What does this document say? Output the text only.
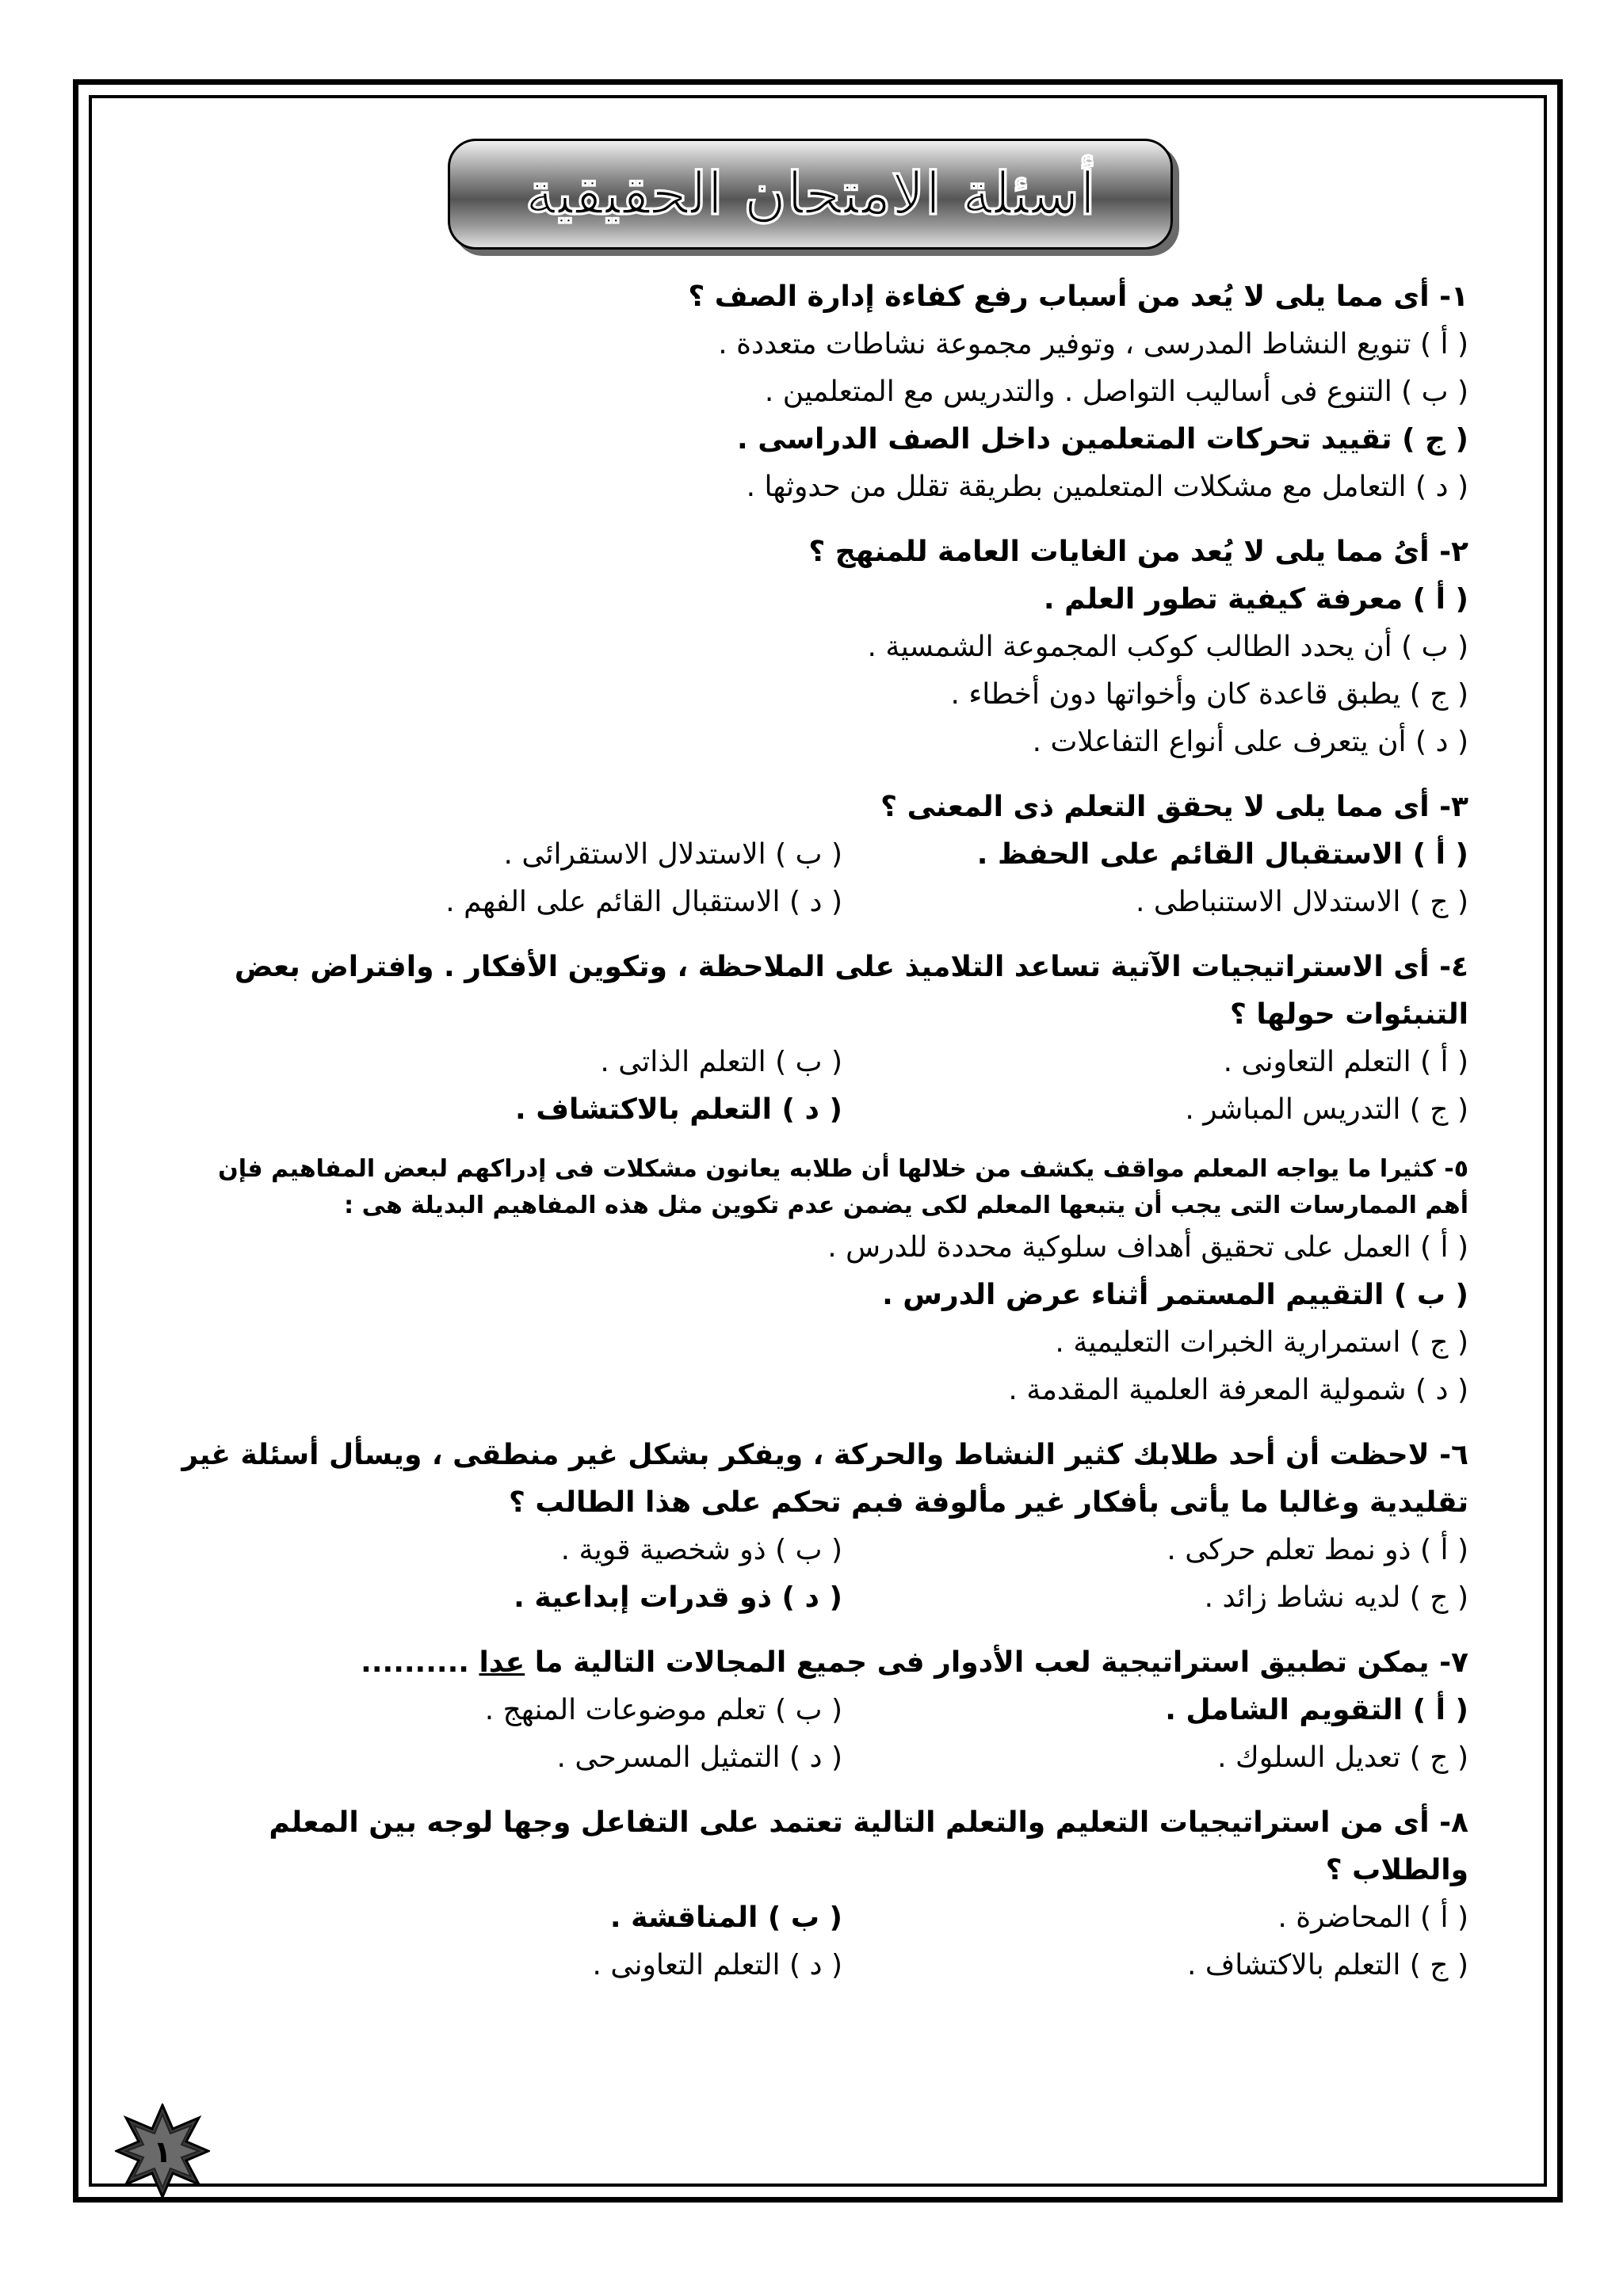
أسئلة الامتحان الحقيقية
١- أى مما يلى لا يُعد من أسباب رفع كفاءة إدارة الصف ؟
( أ ) تنويع النشاط المدرسى ، وتوفير مجموعة نشاطات متعددة .
( ب ) التنوع فى أساليب التواصل . والتدريس مع المتعلمين .
( ج ) تقييد تحركات المتعلمين داخل الصف الدراسى .
( د ) التعامل مع مشكلات المتعلمين بطريقة تقلل من حدوثها .
٢- أىُ مما يلى لا يُعد من الغايات العامة للمنهج ؟
( أ ) معرفة كيفية تطور العلم .
( ب ) أن يحدد الطالب كوكب المجموعة الشمسية .
( ج ) يطبق قاعدة كان وأخواتها دون أخطاء .
( د ) أن يتعرف على أنواع التفاعلات .
٣- أى مما يلى لا يحقق التعلم ذى المعنى ؟
( أ ) الاستقبال القائم على الحفظ .
( ب ) الاستدلال الاستقرائى .
( ج ) الاستدلال الاستنباطى .
( د ) الاستقبال القائم على الفهم .
٤- أى الاستراتيجيات الآتية تساعد التلاميذ على الملاحظة ، وتكوين الأفكار . وافتراض بعض التنبئوات حولها ؟
( أ ) التعلم التعاونى .
( ب ) التعلم الذاتى .
( ج ) التدريس المباشر .
( د ) التعلم بالاكتشاف .
٥- كثيرا ما يواجه المعلم مواقف يكشف من خلالها أن طلابه يعانون مشكلات فى إدراكهم لبعض المفاهيم فإن أهم الممارسات التى يجب أن يتبعها المعلم لكى يضمن عدم تكوين مثل هذه المفاهيم البديلة هى :
( أ ) العمل على تحقيق أهداف سلوكية محددة للدرس .
( ب ) التقييم المستمر أثناء عرض الدرس .
( ج ) استمرارية الخبرات التعليمية .
( د ) شمولية المعرفة العلمية المقدمة .
٦- لاحظت أن أحد طلابك كثير النشاط والحركة ، ويفكر بشكل غير منطقى ، ويسأل أسئلة غير تقليدية وغالبا ما يأتى بأفكار غير مألوفة فبم تحكم على هذا الطالب ؟
( أ ) ذو نمط تعلم حركى .
( ب ) ذو شخصية قوية .
( ج ) لديه نشاط زائد .
( د ) ذو قدرات إبداعية .
٧- يمكن تطبيق استراتيجية لعب الأدوار فى جميع المجالات التالية ما عدا ..........
( أ ) التقويم الشامل .
( ب ) تعلم موضوعات المنهج .
( ج ) تعديل السلوك .
( د ) التمثيل المسرحى .
٨- أى من استراتيجيات التعليم والتعلم التالية تعتمد على التفاعل وجها لوجه بين المعلم والطلاب ؟
( أ ) المحاضرة .
( ب ) المناقشة .
( ج ) التعلم بالاكتشاف .
( د ) التعلم التعاونى .
١
